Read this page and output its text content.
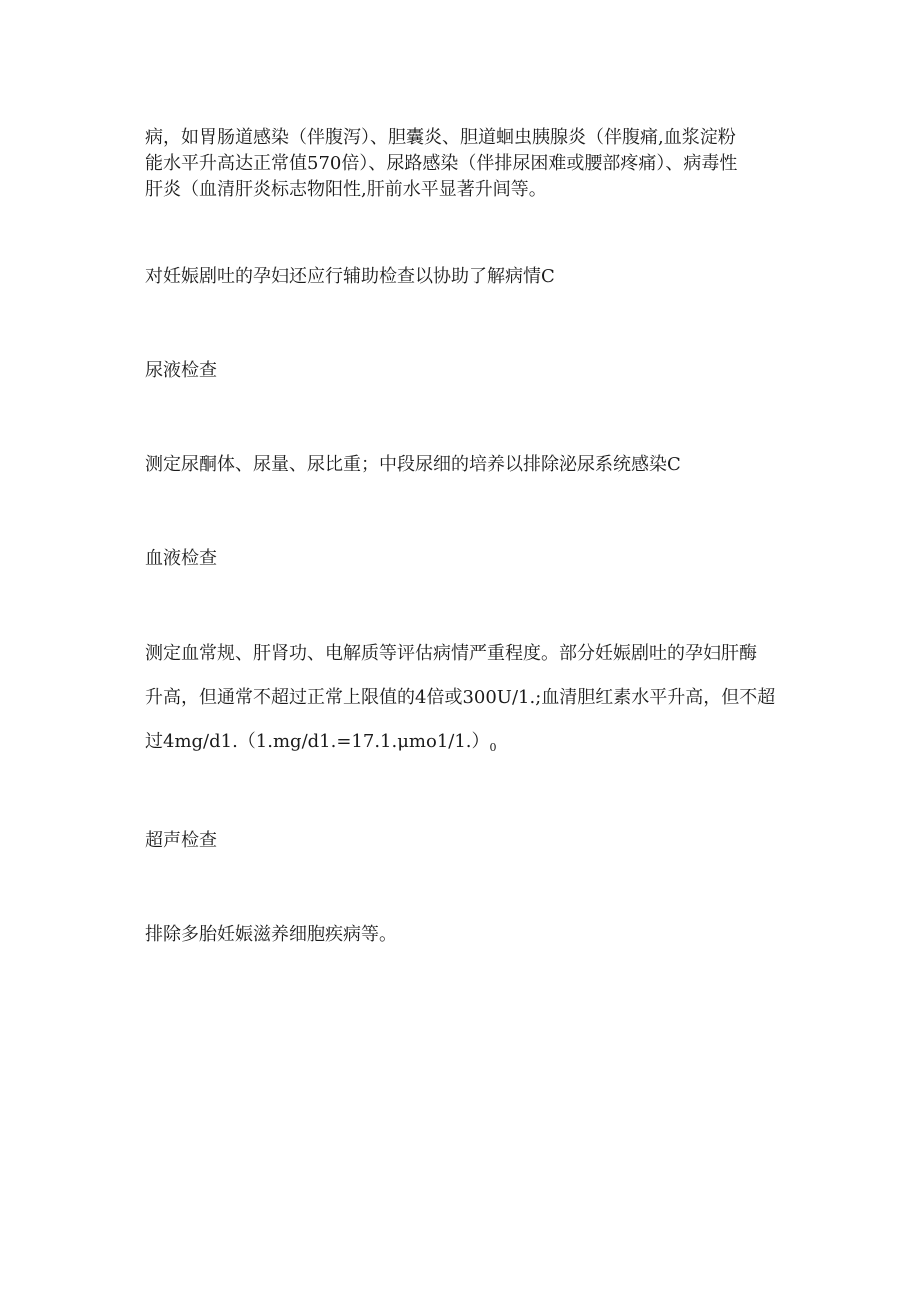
病，如胃肠道感染（伴腹泻）、胆囊炎、胆道蛔虫胰腺炎（伴腹痛,血浆淀粉
能水平升高达正常值570倍）、尿路感染（伴排尿困难或腰部疼痛）、病毒性
肝炎（血清肝炎标志物阳性,肝前水平显著升闾等。
对妊娠剧吐的孕妇还应行辅助检查以协助了解病情C
尿液检查
测定尿酮体、尿量、尿比重；中段尿细的培养以排除泌尿系统感染C
血液检查
测定血常规、肝肾功、电解质等评估病情严重程度。部分妊娠剧吐的孕妇肝酶
升高，但通常不超过正常上限值的4倍或300U/1.;血清胆红素水平升高，但不超
过$4mg∕d1.(1.mg∕d1.=17.1.\mu mo1∕1.)_0$
超声检查
排除多胎妊娠滋养细胞疾病等。
